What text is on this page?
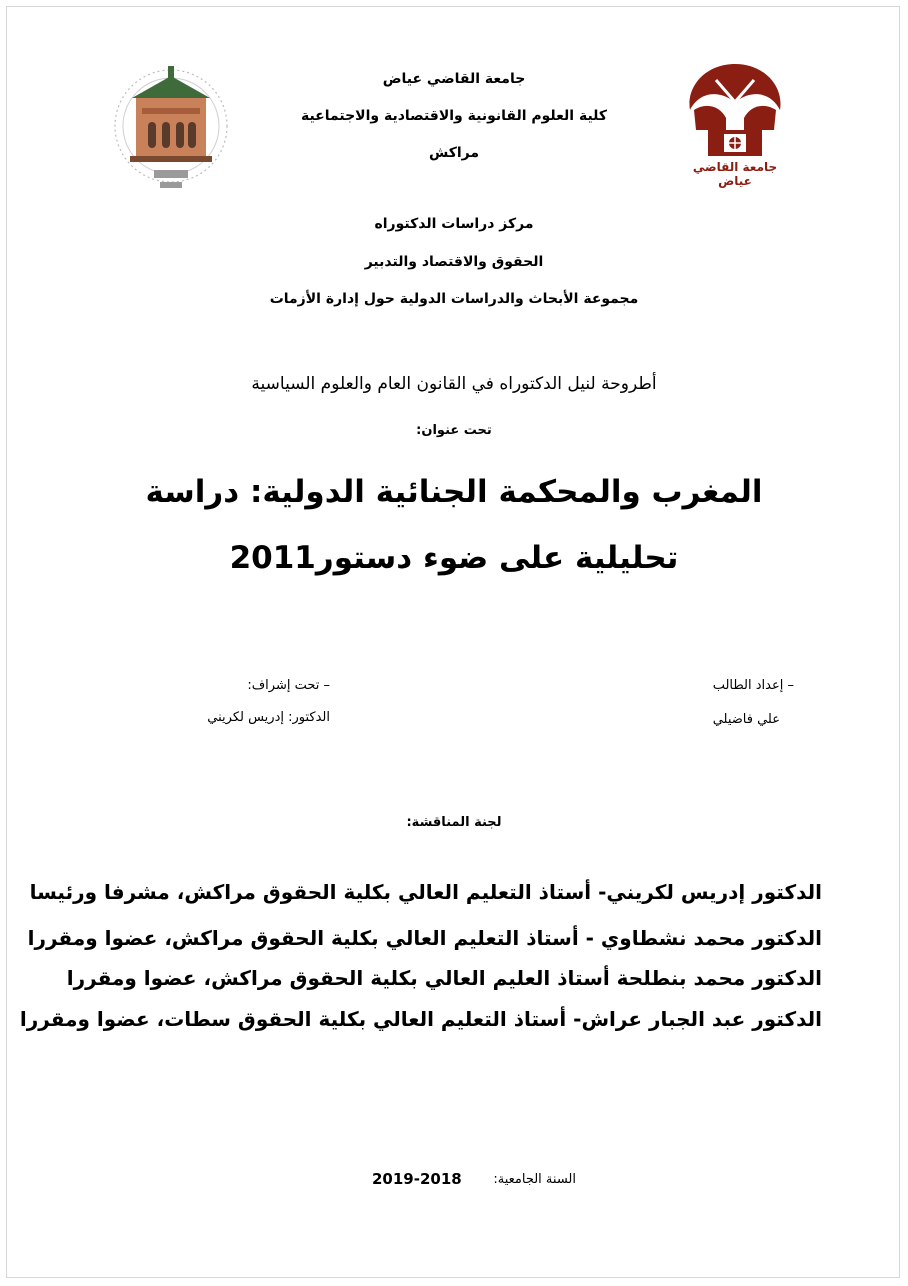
جامعة القاضي عياض
جامعة القاضي عياض
كلية العلوم القانونية والاقتصادية والاجتماعية
مراكش
مركز دراسات الدكتوراه
الحقوق والاقتصاد والتدبير
مجموعة الأبحاث والدراسات الدولية حول إدارة الأزمات
أطروحة لنيل الدكتوراه في القانون العام والعلوم السياسية
تحت عنوان:
المغرب والمحكمة الجنائية الدولية: دراسة
تحليلية على ضوء دستور2011
– إعداد الطالب
علي فاضيلي
– تحت إشراف:
الدكتور: إدريس لكريني
لجنة المناقشة:
الدكتور إدريس لكريني- أستاذ التعليم العالي بكلية الحقوق مراكش، مشرفا ورئيسا
الدكتور محمد نشطاوي - أستاذ التعليم العالي بكلية الحقوق مراكش، عضوا ومقررا
الدكتور محمد بنطلحة أستاذ العليم العالي بكلية الحقوق مراكش، عضوا ومقررا
الدكتور عبد الجبار عراش- أستاذ التعليم العالي بكلية الحقوق سطات، عضوا ومقررا
السنة الجامعية:
2019-2018
